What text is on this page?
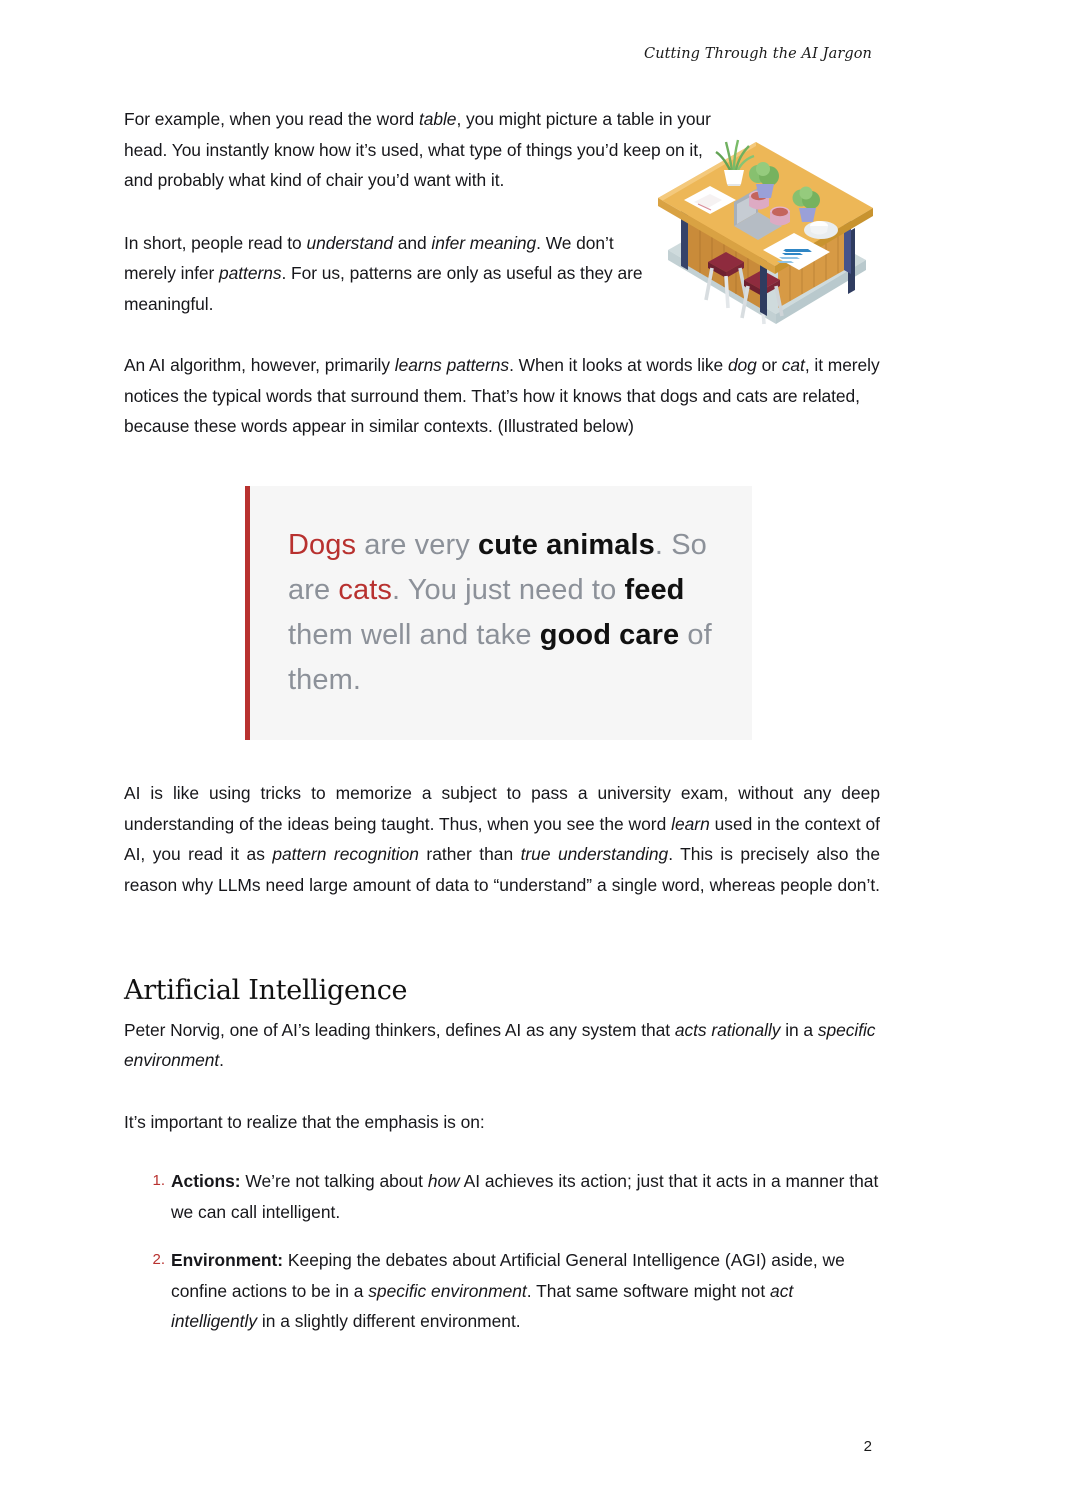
Cutting Through the AI Jargon

For example, when you read the word table, you might picture a table in your head. You instantly know how it’s used, what type of things you’d keep on it, and probably what kind of chair you’d want with it.

In short, people read to understand and infer meaning. We don’t merely infer patterns. For us, patterns are only as useful as they are meaningful.

An AI algorithm, however, primarily learns patterns. When it looks at words like dog or cat, it merely notices the typical words that surround them. That’s how it knows that dogs and cats are related, because these words appear in similar contexts. (Illustrated below)

Dogs are very cute animals. So are cats. You just need to feed them well and take good care of them.

AI is like using tricks to memorize a subject to pass a university exam, without any deep understanding of the ideas being taught. Thus, when you see the word learn used in the context of AI, you read it as pattern recognition rather than true understanding. This is precisely also the reason why LLMs need large amount of data to “understand” a single word, whereas people don’t.

Artificial Intelligence

Peter Norvig, one of AI’s leading thinkers, defines AI as any system that acts rationally in a specific environment.

It’s important to realize that the emphasis is on:

1. Actions: We’re not talking about how AI achieves its action; just that it acts in a manner that we can call intelligent.
2. Environment: Keeping the debates about Artificial General Intelligence (AGI) aside, we confine actions to be in a specific environment. That same software might not act intelligently in a slightly different environment.
2
